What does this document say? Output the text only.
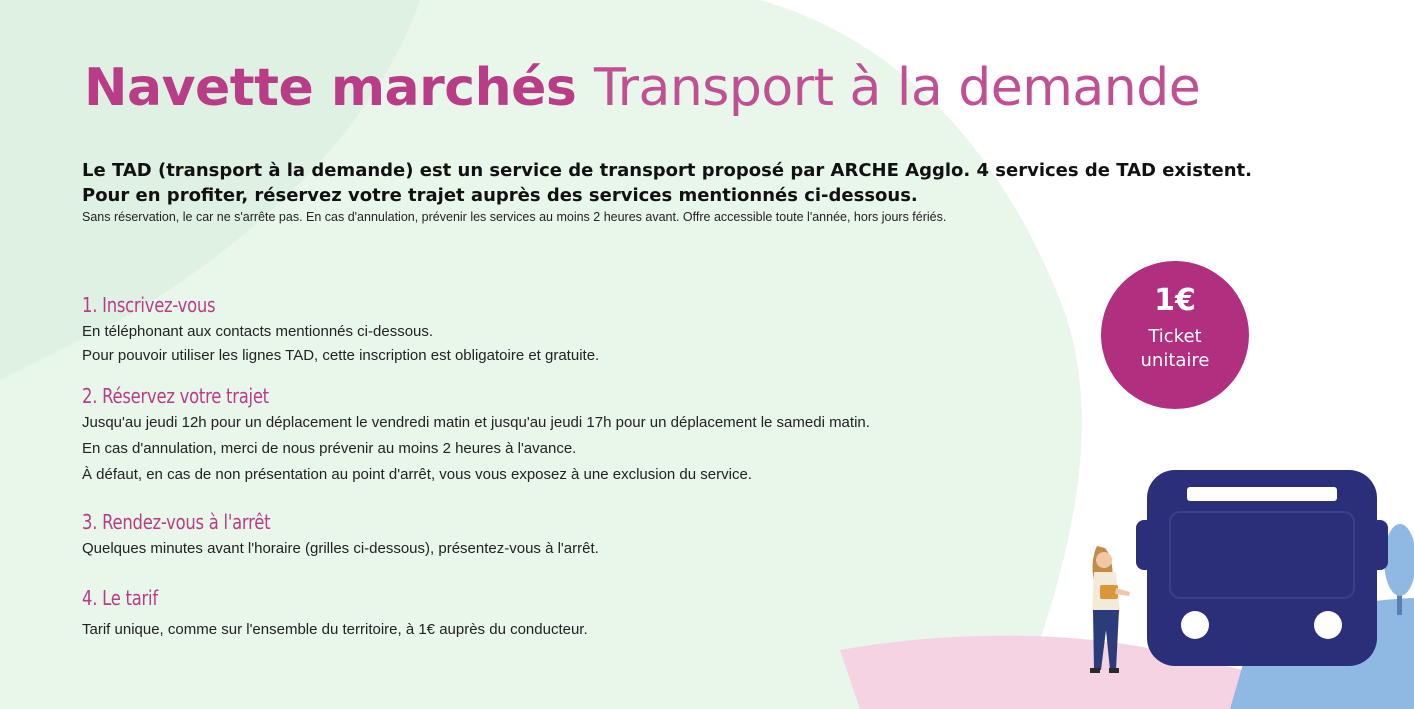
Navette marchés Transport à la demande
Le TAD (transport à la demande) est un service de transport proposé par ARCHE Agglo. 4 services de TAD existent.
Pour en profiter, réservez votre trajet auprès des services mentionnés ci-dessous.
Sans réservation, le car ne s'arrête pas. En cas d'annulation, prévenir les services au moins 2 heures avant. Offre accessible toute l'année, hors jours fériés.
1. Inscrivez-vous
En téléphonant aux contacts mentionnés ci-dessous.
Pour pouvoir utiliser les lignes TAD, cette inscription est obligatoire et gratuite.
2. Réservez votre trajet
Jusqu'au jeudi 12h pour un déplacement le vendredi matin et jusqu'au jeudi 17h pour un déplacement le samedi matin.
En cas d'annulation, merci de nous prévenir au moins 2 heures à l'avance.
À défaut, en cas de non présentation au point d'arrêt, vous vous exposez à une exclusion du service.
3. Rendez-vous à l'arrêt
Quelques minutes avant l'horaire (grilles ci-dessous), présentez-vous à l'arrêt.
4. Le tarif
Tarif unique, comme sur l'ensemble du territoire, à 1€ auprès du conducteur.
1€
Ticket unitaire
